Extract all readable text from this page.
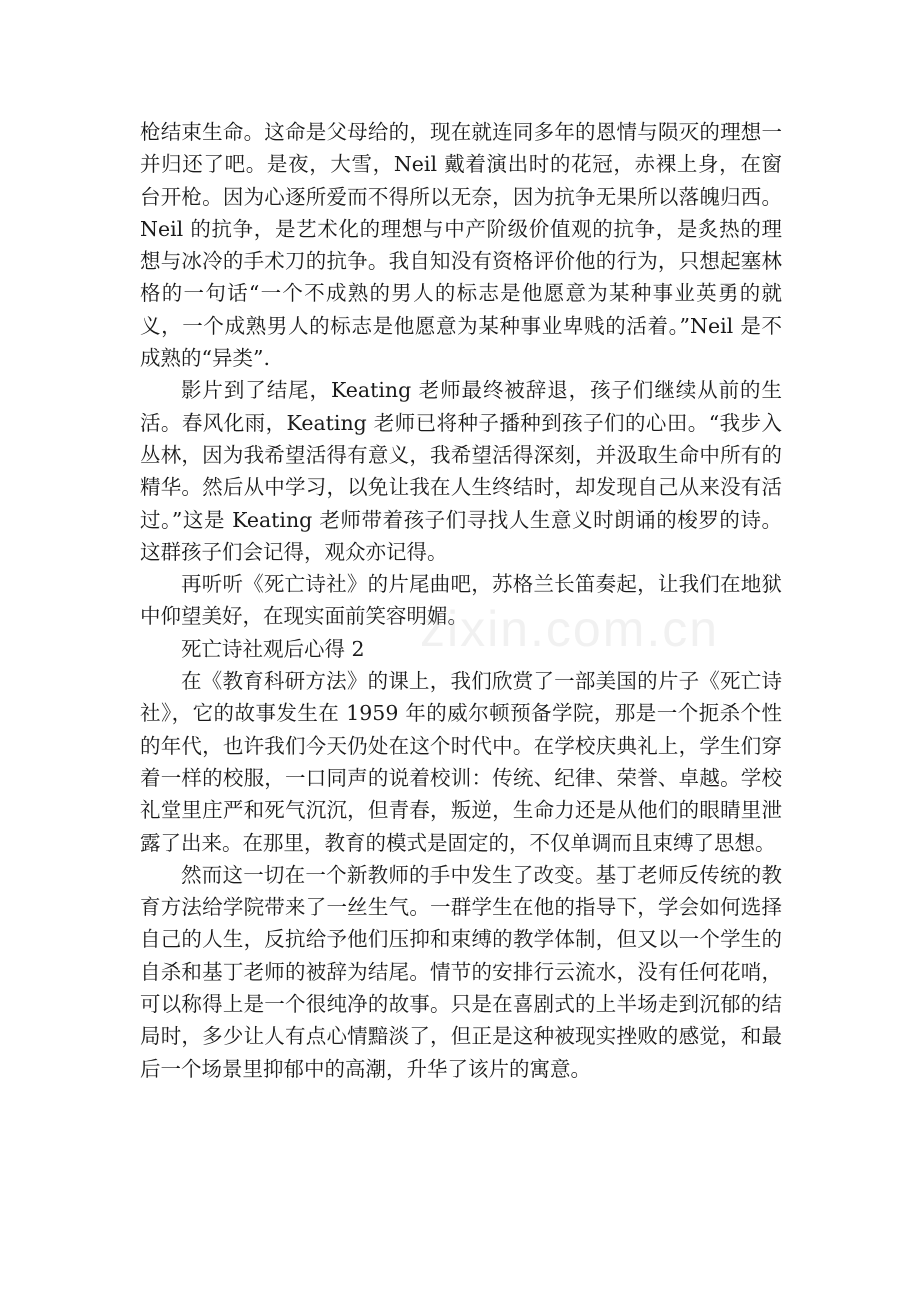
枪结束生命。这命是父母给的，现在就连同多年的恩情与陨灭的理想一并归还了吧。是夜，大雪，Neil 戴着演出时的花冠，赤裸上身，在窗台开枪。因为心逐所爱而不得所以无奈，因为抗争无果所以落魄归西。Neil 的抗争，是艺术化的理想与中产阶级价值观的抗争，是炙热的理想与冰冷的手术刀的抗争。我自知没有资格评价他的行为，只想起塞林格的一句话“一个不成熟的男人的标志是他愿意为某种事业英勇的就义，一个成熟男人的标志是他愿意为某种事业卑贱的活着。”Neil 是不成熟的“异类”.

影片到了结尾，Keating 老师最终被辞退，孩子们继续从前的生活。春风化雨，Keating 老师已将种子播种到孩子们的心田。“我步入丛林，因为我希望活得有意义，我希望活得深刻，并汲取生命中所有的精华。然后从中学习，以免让我在人生终结时，却发现自己从来没有活过。”这是 Keating 老师带着孩子们寻找人生意义时朗诵的梭罗的诗。这群孩子们会记得，观众亦记得。

再听听《死亡诗社》的片尾曲吧，苏格兰长笛奏起，让我们在地狱中仰望美好，在现实面前笑容明媚。

死亡诗社观后心得 2

在《教育科研方法》的课上，我们欣赏了一部美国的片子《死亡诗社》，它的故事发生在 1959 年的威尔顿预备学院，那是一个扼杀个性的年代，也许我们今天仍处在这个时代中。在学校庆典礼上，学生们穿着一样的校服，一口同声的说着校训：传统、纪律、荣誉、卓越。学校礼堂里庄严和死气沉沉，但青春，叛逆，生命力还是从他们的眼睛里泄露了出来。在那里，教育的模式是固定的，不仅单调而且束缚了思想。

然而这一切在一个新教师的手中发生了改变。基丁老师反传统的教育方法给学院带来了一丝生气。一群学生在他的指导下，学会如何选择自己的人生，反抗给予他们压抑和束缚的教学体制，但又以一个学生的自杀和基丁老师的被辞为结尾。情节的安排行云流水，没有任何花哨，可以称得上是一个很纯净的故事。只是在喜剧式的上半场走到沉郁的结局时，多少让人有点心情黯淡了，但正是这种被现实挫败的感觉，和最后一个场景里抑郁中的高潮，升华了该片的寓意。

zixin.com.cn
